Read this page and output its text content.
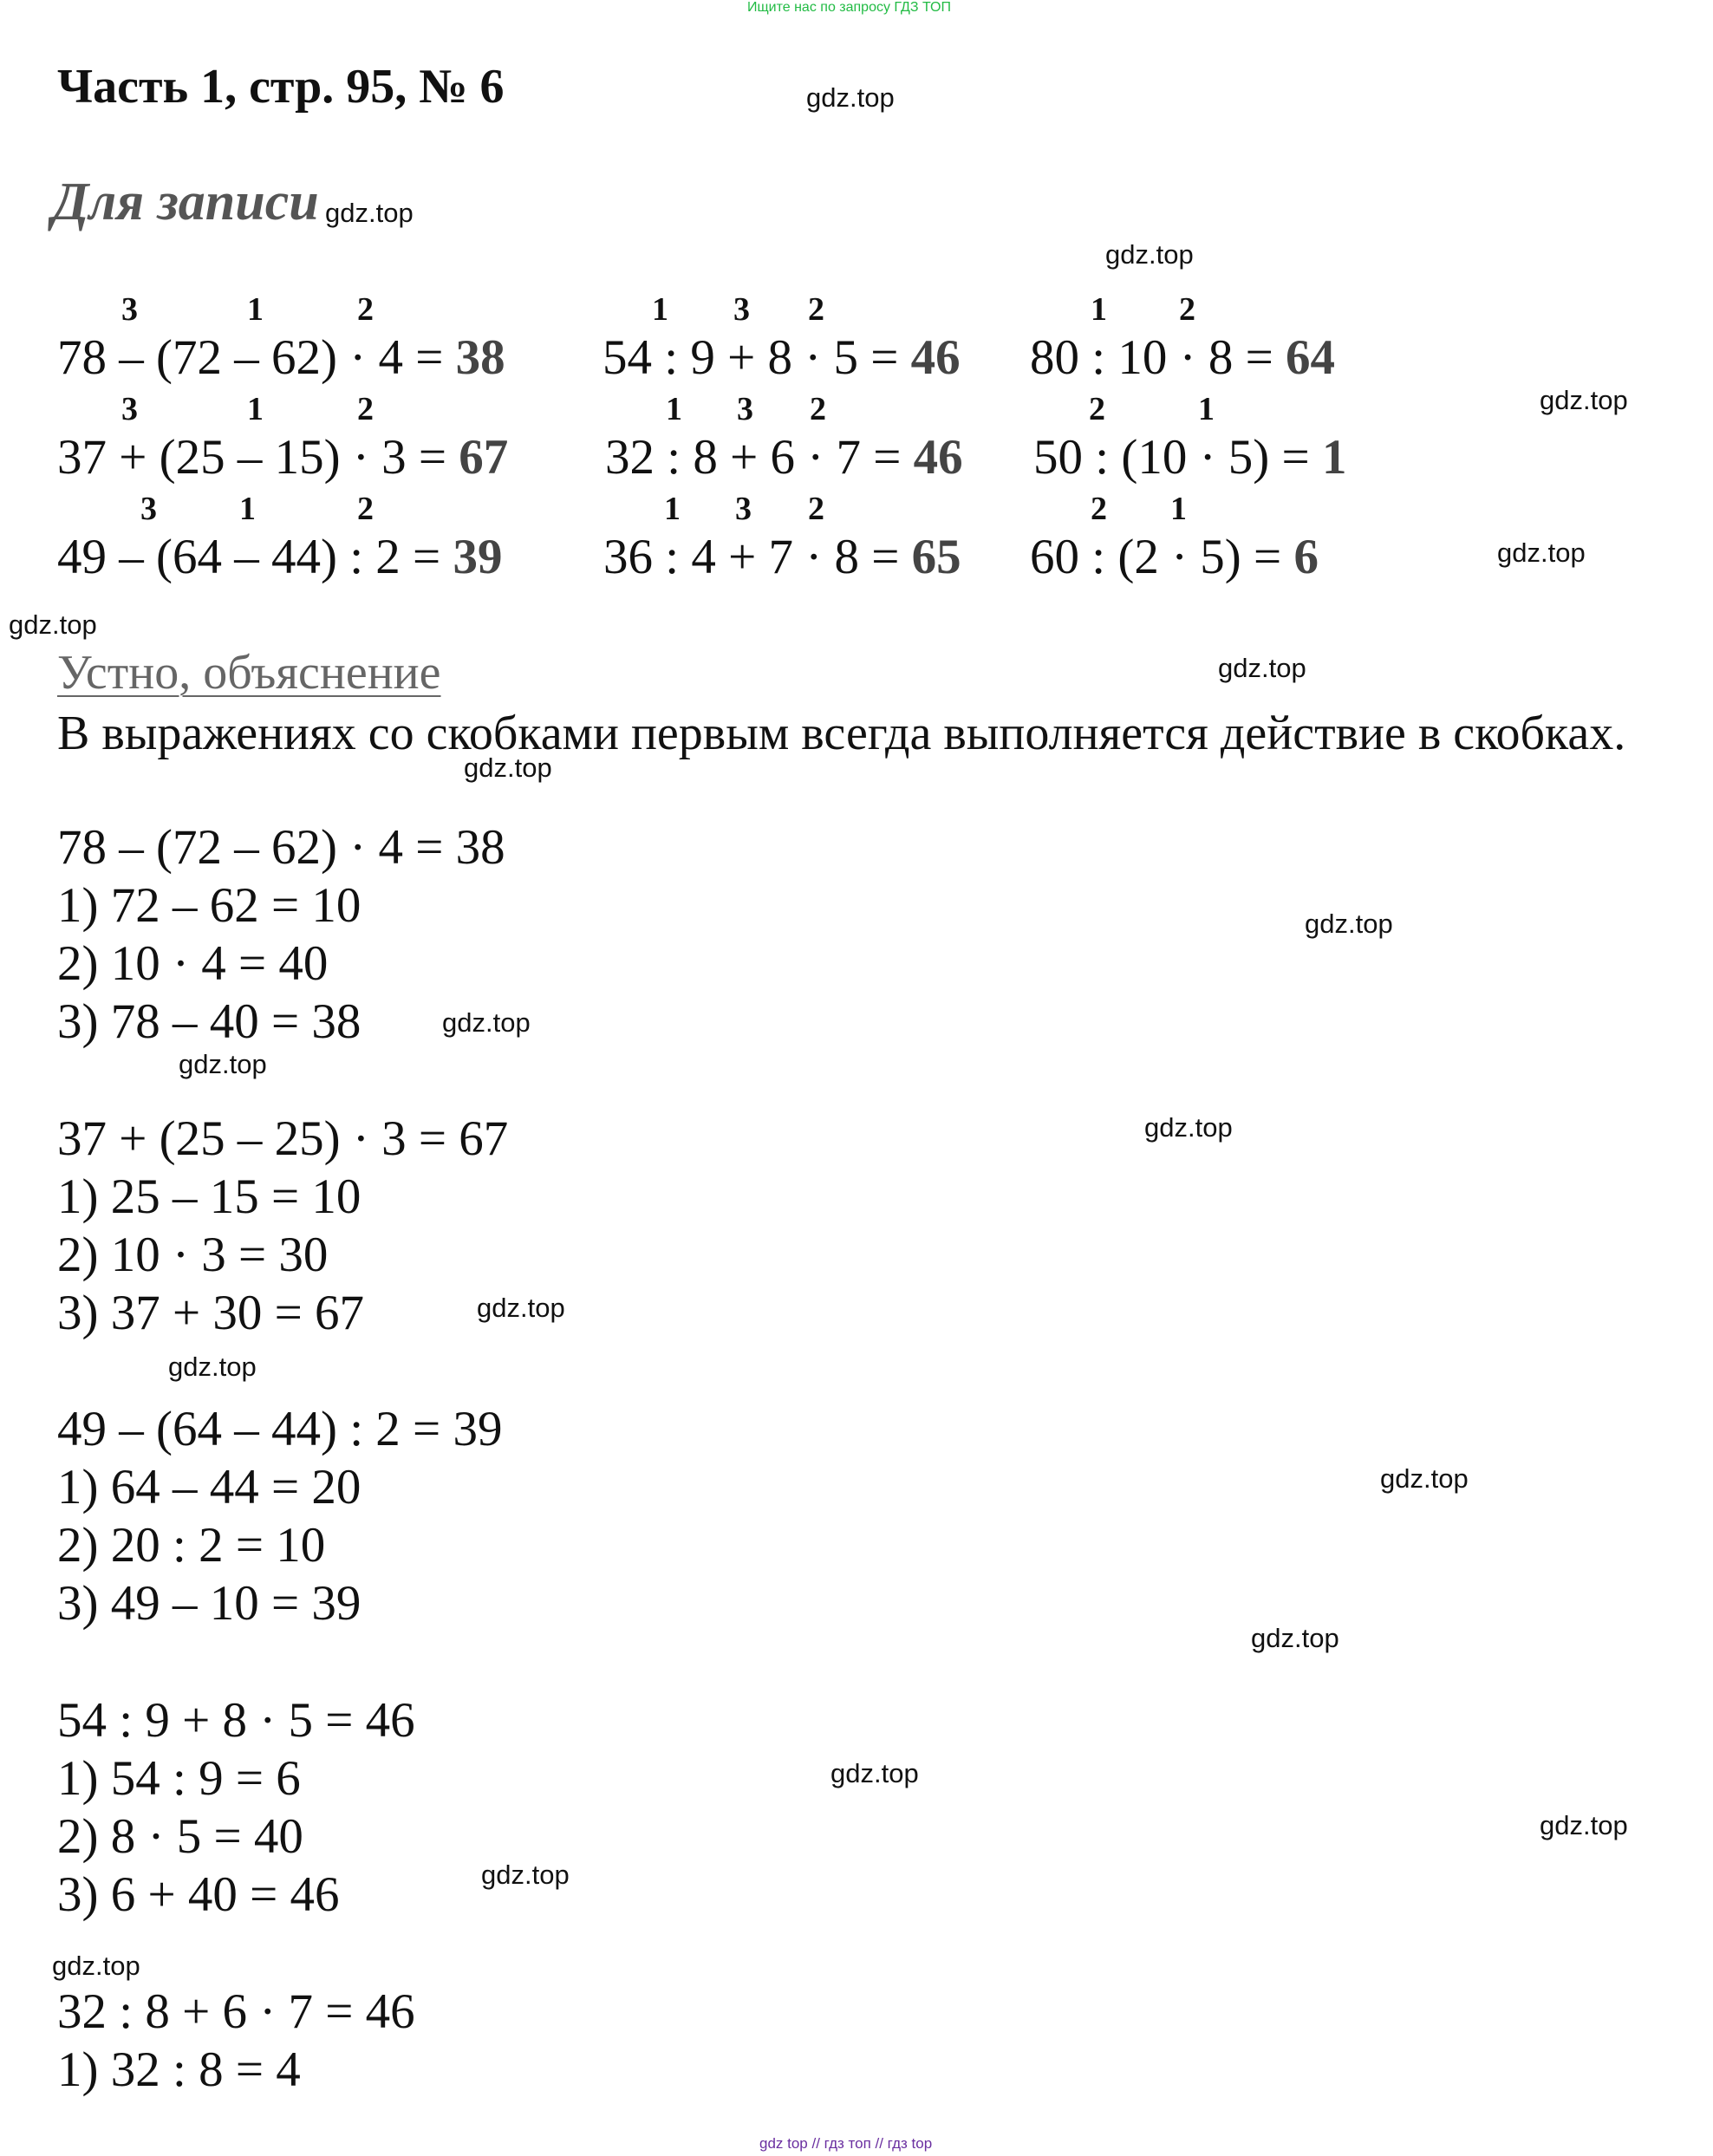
Ищите нас по запросу ГДЗ ТОП
Часть 1, стр. 95, № 6
Для записи
3	1	2
78 – (72 – 62) · 4 = 38
1 3 2
54 : 9 + 8 · 5 = 46
1 2
80 : 10 · 8 = 64
3	1	2
37 + (25 – 15) · 3 = 67
1 3 2
32 : 8 + 6 · 7 = 46
2	1
50 : (10 · 5) = 1
3	1	2
49 – (64 – 44) : 2 = 39
1 3 2
36 : 4 + 7 · 8 = 65
2 1
60 : (2 · 5) = 6
Устно, объяснение
В выражениях со скобками первым всегда выполняется действие в скобках.
78 – (72 – 62) · 4 = 38
1) 72 – 62 = 10
2) 10 · 4 = 40
3) 78 – 40 = 38
37 + (25 – 25) · 3 = 67
1) 25 – 15 = 10
2) 10 · 3 = 30
3) 37 + 30 = 67
49 – (64 – 44) : 2 = 39
1) 64 – 44 = 20
2) 20 : 2 = 10
3) 49 – 10 = 39
54 : 9 + 8 · 5 = 46
1) 54 : 9 = 6
2) 8 · 5 = 40
3) 6 + 40 = 46
32 : 8 + 6 · 7 = 46
1) 32 : 8 = 4
gdz.top
gdz.top
gdz.top
gdz.top
gdz.top
gdz.top
gdz.top
gdz.top
gdz.top
gdz.top
gdz.top
gdz.top
gdz.top
gdz.top
gdz.top
gdz.top
gdz.top
gdz.top
gdz.top
gdz.top
gdz top // гдз топ // гдз top
